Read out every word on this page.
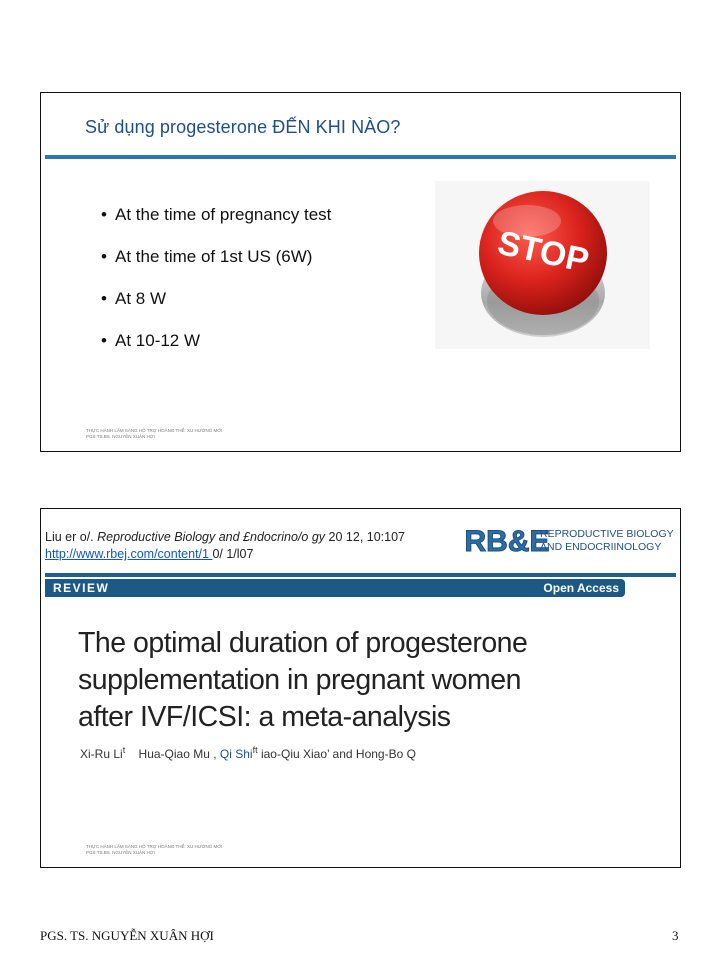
Sử dụng progesterone ĐẾN KHI NÀO?
• At the time of pregnancy test
• At the time of 1st US (6W)
• At 8 W
• At 10-12 W
STOP
THỰC HÀNH LÂM SÀNG HỖ TRỢ HOÀNG THỂ: XU HƯỚNG MỚI
PGS.TS.BS. NGUYỄN XUÂN HỢI
Liu er o/. Reproductive Biology and £ndocrino/o gy 20 12, 10:107
http://www.rbej.com/content/1 0/ 1/l07	RB&E
REPRODUCTIVE BIOLOGY
AND ENDOCRIINOLOGY
REVIEW	Open Access
The optimal duration of progesterone
supplementation in pregnant women
after IVF/ICSI: a meta-analysis
Xi-Ru Li$^t$ Hua-Qiao Mu , Qi Shi$^{ft}$ iao-Qiu Xiao’ and Hong-Bo Q
THỰC HÀNH LÂM SÀNG HỖ TRỢ HOÀNG THỂ: XU HƯỚNG MỚI
PGS.TS.BS. NGUYỄN XUÂN HỢI
PGS. TS. NGUYỄN XUÂN HỢI	3
